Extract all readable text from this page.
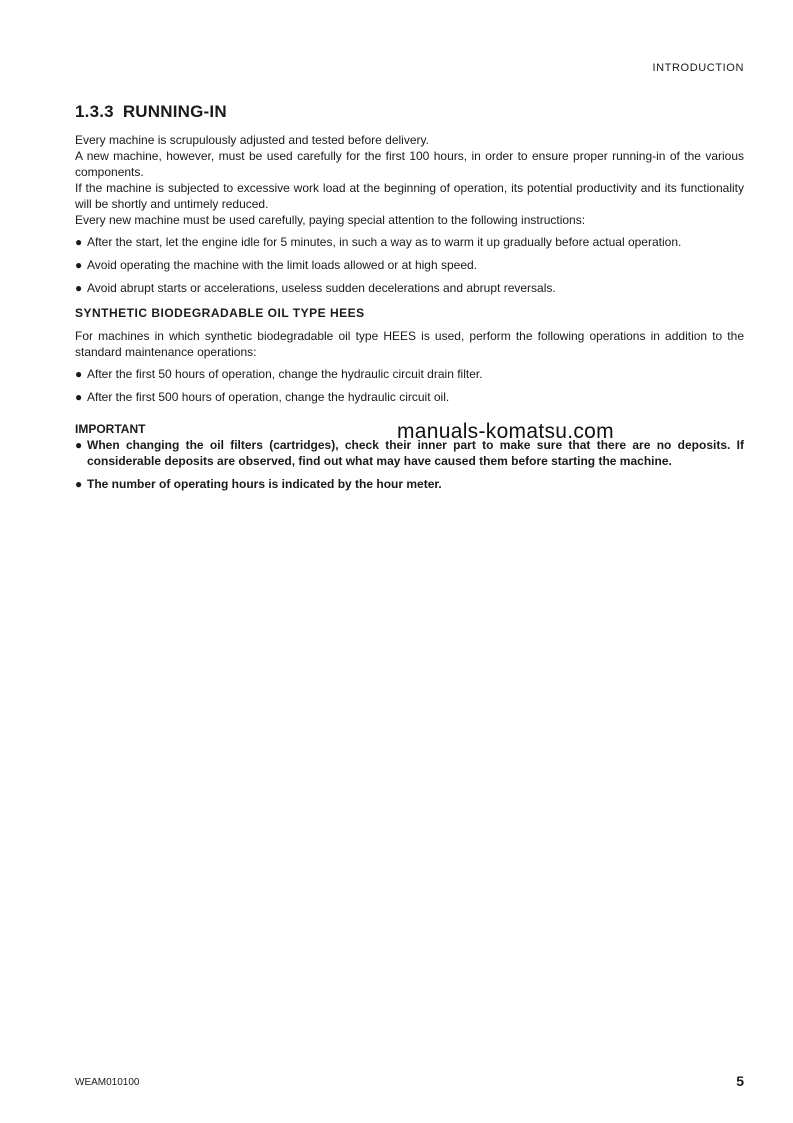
INTRODUCTION
1.3.3 RUNNING-IN

Every machine is scrupulously adjusted and tested before delivery.

A new machine, however, must be used carefully for the first 100 hours, in order to ensure proper running-in of the various components.

If the machine is subjected to excessive work load at the beginning of operation, its potential productivity and its functionality will be shortly and untimely reduced.

Every new machine must be used carefully, paying special attention to the following instructions:

● After the start, let the engine idle for 5 minutes, in such a way as to warm it up gradually before actual operation.
● Avoid operating the machine with the limit loads allowed or at high speed.
● Avoid abrupt starts or accelerations, useless sudden decelerations and abrupt reversals.
SYNTHETIC BIODEGRADABLE OIL TYPE HEES

For machines in which synthetic biodegradable oil type HEES is used, perform the following operations in addition to the standard maintenance operations:

● After the first 50 hours of operation, change the hydraulic circuit drain filter.
● After the first 500 hours of operation, change the hydraulic circuit oil.
IMPORTANT
● When changing the oil filters (cartridges), check their inner part to make sure that there are no deposits. If considerable deposits are observed, find out what may have caused them before starting the machine.
● The number of operating hours is indicated by the hour meter.
manuals-komatsu.com
WEAM010100	5
